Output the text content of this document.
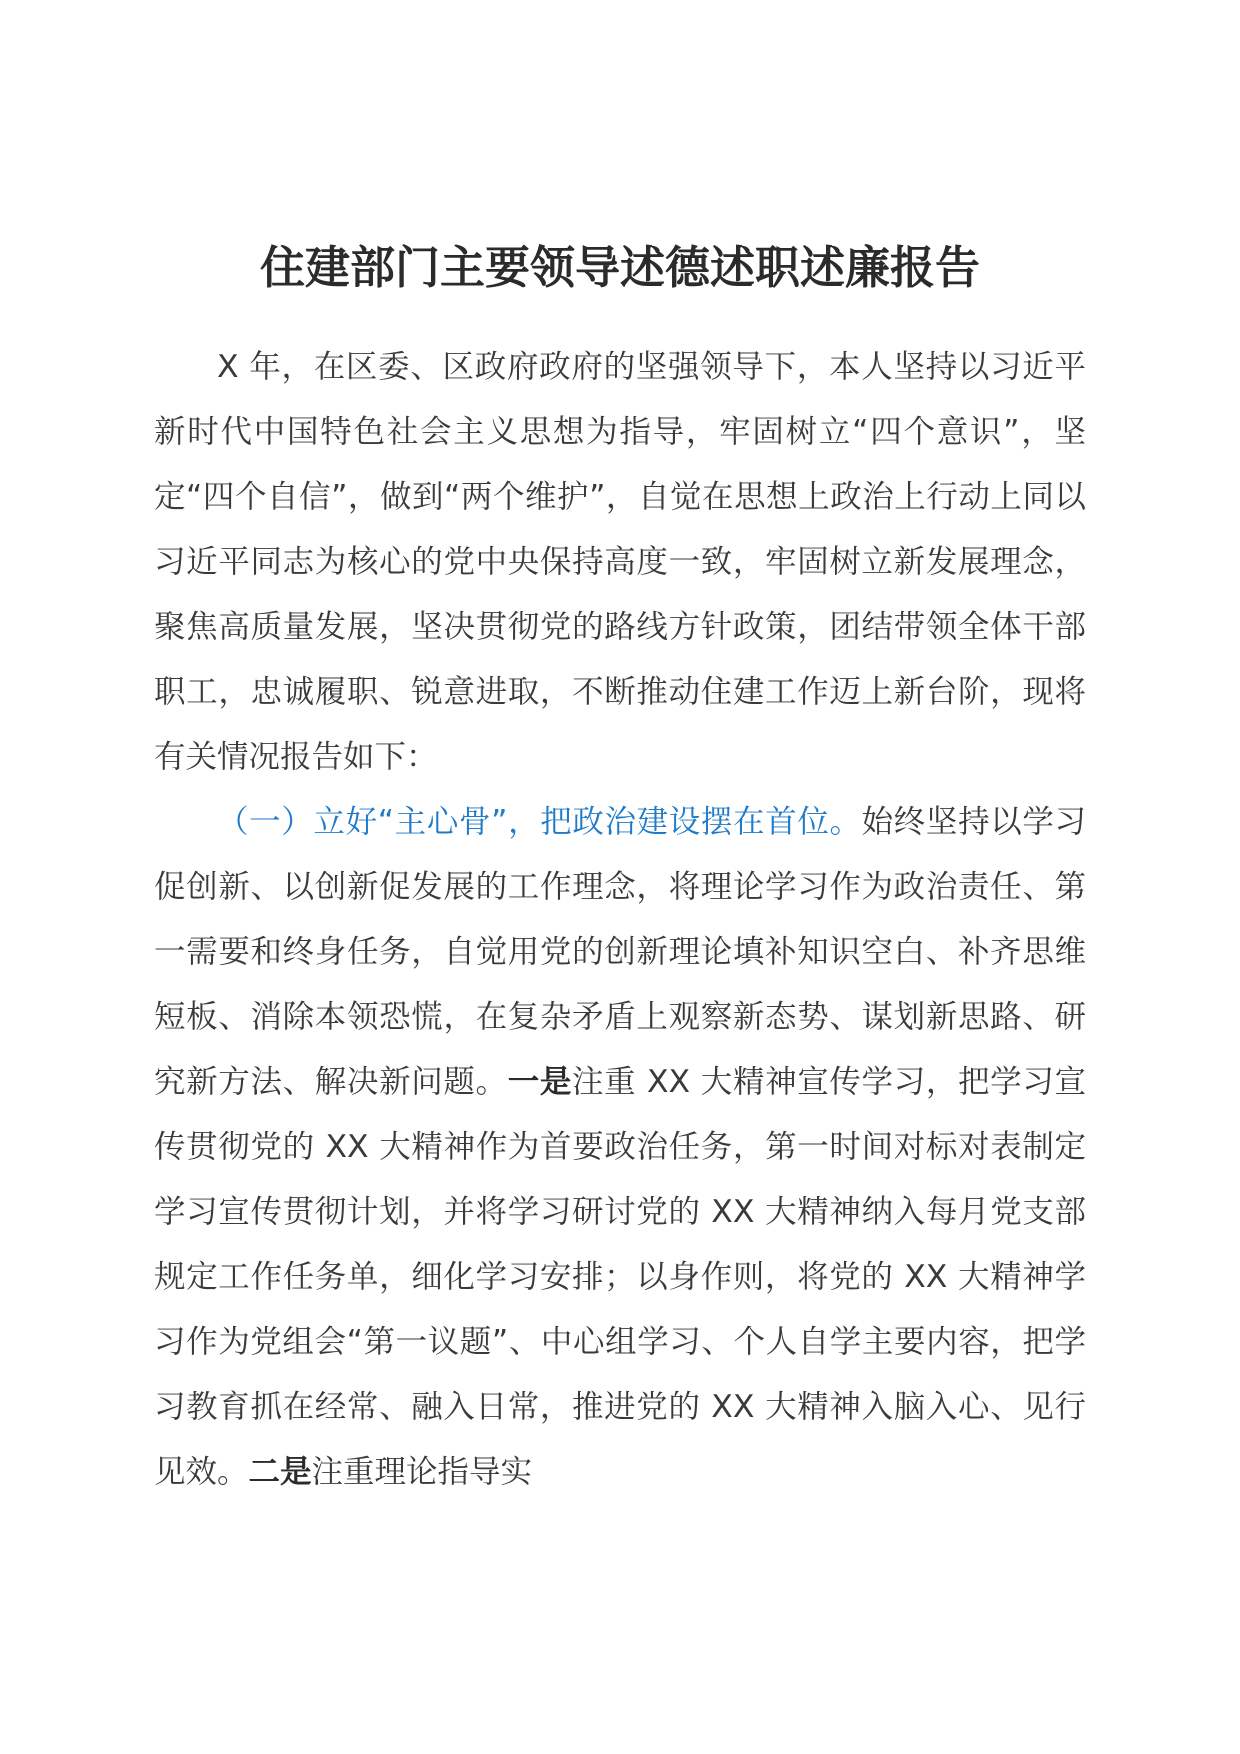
住建部门主要领导述德述职述廉报告

X 年，在区委、区政府政府的坚强领导下，本人坚持以习近平新时代中国特色社会主义思想为指导，牢固树立“四个意识”，坚定“四个自信”，做到“两个维护”，自觉在思想上政治上行动上同以习近平同志为核心的党中央保持高度一致，牢固树立新发展理念，聚焦高质量发展，坚决贯彻党的路线方针政策，团结带领全体干部职工，忠诚履职、锐意进取，不断推动住建工作迈上新台阶，现将有关情况报告如下：

（一）立好“主心骨”，把政治建设摆在首位。始终坚持以学习促创新、以创新促发展的工作理念，将理论学习作为政治责任、第一需要和终身任务，自觉用党的创新理论填补知识空白、补齐思维短板、消除本领恐慌，在复杂矛盾上观察新态势、谋划新思路、研究新方法、解决新问题。一是注重 XX 大精神宣传学习，把学习宣传贯彻党的 XX 大精神作为首要政治任务，第一时间对标对表制定学习宣传贯彻计划，并将学习研讨党的 XX 大精神纳入每月党支部规定工作任务单，细化学习安排；以身作则，将党的 XX 大精神学习作为党组会“第一议题”、中心组学习、个人自学主要内容，把学习教育抓在经常、融入日常，推进党的 XX 大精神入脑入心、见行见效。二是注重理论指导实
